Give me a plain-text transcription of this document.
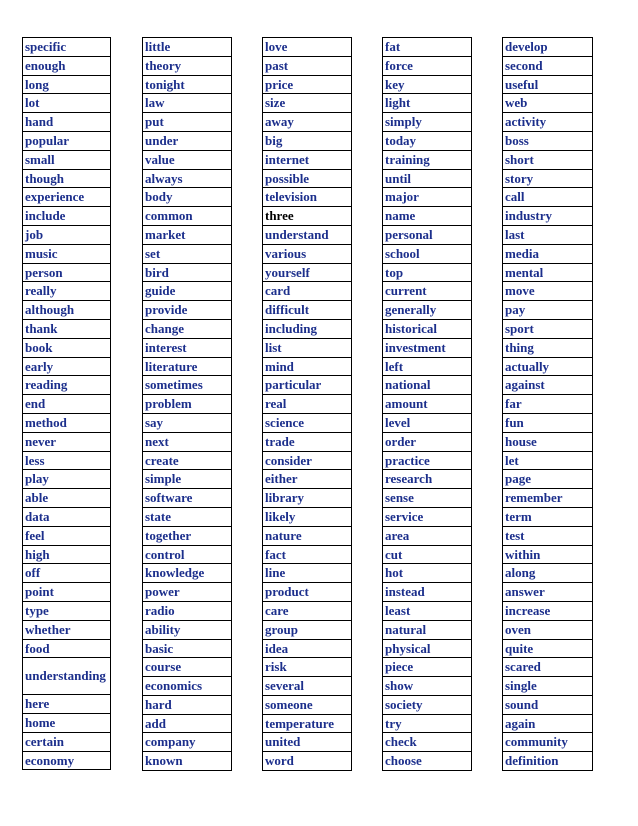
specific
enough
long
lot
hand
popular
small
though
experience
include
job
music
person
really
although
thank
book
early
reading
end
method
never
less
play
able
data
feel
high
off
point
type
whether
food
understanding
here
home
certain
economy
little
theory
tonight
law
put
under
value
always
body
common
market
set
bird
guide
provide
change
interest
literature
sometimes
problem
say
next
create
simple
software
state
together
control
knowledge
power
radio
ability
basic
course
economics
hard
add
company
known
love
past
price
size
away
big
internet
possible
television
three
understand
various
yourself
card
difficult
including
list
mind
particular
real
science
trade
consider
either
library
likely
nature
fact
line
product
care
group
idea
risk
several
someone
temperature
united
word
fat
force
key
light
simply
today
training
until
major
name
personal
school
top
current
generally
historical
investment
left
national
amount
level
order
practice
research
sense
service
area
cut
hot
instead
least
natural
physical
piece
show
society
try
check
choose
develop
second
useful
web
activity
boss
short
story
call
industry
last
media
mental
move
pay
sport
thing
actually
against
far
fun
house
let
page
remember
term
test
within
along
answer
increase
oven
quite
scared
single
sound
again
community
definition
